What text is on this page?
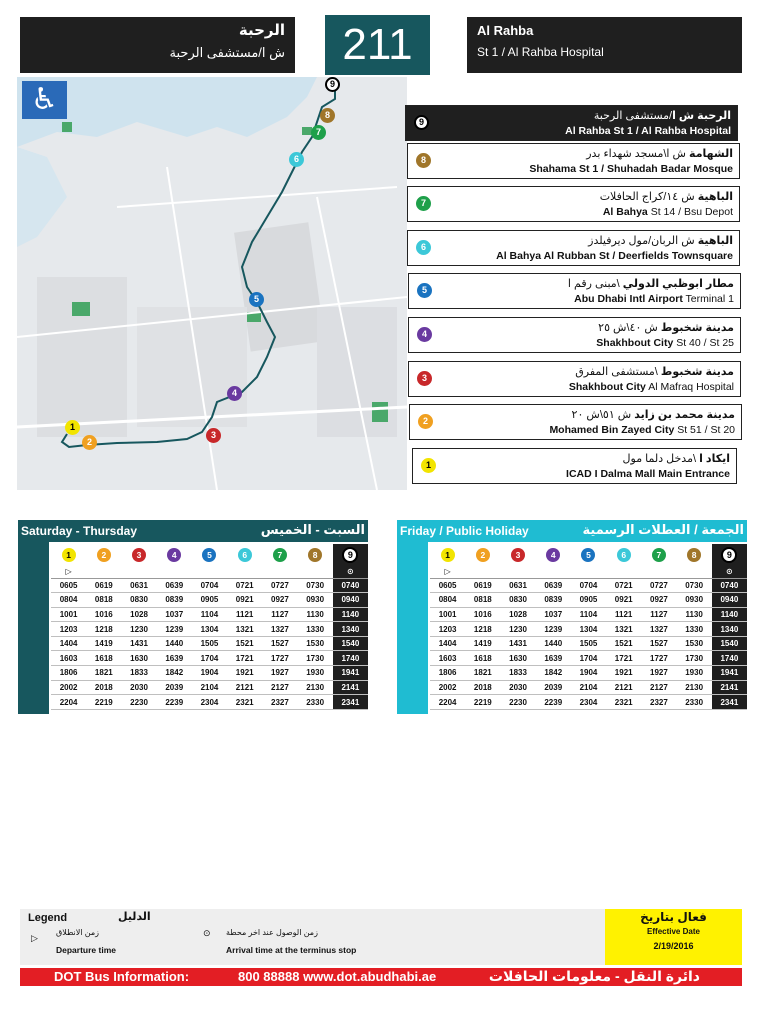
الرحبة
ش ا/مستشفى الرحبة	211	Al Rahba
St 1 / Al Rahba Hospital
♿	9
8
7
6
5
4
3
2
1
9	الرحبة ش ا/مستشفى الرحبة
Al Rahba St 1 / Al Rahba Hospital
8	الشهامة ش ا\مسجد شهداء بدر
Shahama St 1 / Shuhadah Badar Mosque
7	الباهية ش ١٤/كراج الحافلات
Al Bahya St 14 / Bsu Depot
6	الباهية ش الربان/مول ديرفيلدز
Al Bahya Al Rubban St / Deerfields Townsquare
5	مطار ابوظبي الدولي \مبنى رقم ا
Abu Dhabi Intl Airport Terminal 1
4	مدينة شخبوط ش ٤٠\ش ٢٥
Shakhbout City St 40 / St 25
3	مدينة شخبوط \مستشفى المفرق
Shakhbout City Al Mafraq Hospital
2	مدينة محمد بن زايد ش ٥١\ش ٢٠
Mohamed Bin Zayed City St 51 / St 20
1	ايكاد ا \مدخل دلما مول
ICAD I Dalma Mall Main Entrance
Saturday - Thursday	السبت - الخميس
1	2	3	4	5	6	7	8	9
▷								⊙
0605	0619	0631	0639	0704	0721	0727	0730	0740
0804	0818	0830	0839	0905	0921	0927	0930	0940
1001	1016	1028	1037	1104	1121	1127	1130	1140
1203	1218	1230	1239	1304	1321	1327	1330	1340
1404	1419	1431	1440	1505	1521	1527	1530	1540
1603	1618	1630	1639	1704	1721	1727	1730	1740
1806	1821	1833	1842	1904	1921	1927	1930	1941
2002	2018	2030	2039	2104	2121	2127	2130	2141
2204	2219	2230	2239	2304	2321	2327	2330	2341
Friday / Public Holiday	الجمعة / العطلات الرسمية
1	2	3	4	5	6	7	8	9
▷								⊙
0605	0619	0631	0639	0704	0721	0727	0730	0740
0804	0818	0830	0839	0905	0921	0927	0930	0940
1001	1016	1028	1037	1104	1121	1127	1130	1140
1203	1218	1230	1239	1304	1321	1327	1330	1340
1404	1419	1431	1440	1505	1521	1527	1530	1540
1603	1618	1630	1639	1704	1721	1727	1730	1740
1806	1821	1833	1842	1904	1921	1927	1930	1941
2002	2018	2030	2039	2104	2121	2127	2130	2141
2204	2219	2230	2239	2304	2321	2327	2330	2341
Legend	الدليل
▷
زمن الانطلاق
Departure time
⊙ زمن الوصول عند اخر محطة
Arrival time at the terminus stop
فعال بتاريخ
Effective Date
2/19/2016
DOT Bus Information:	800 88888 www.dot.abudhabi.ae	دائرة النقل - معلومات الحافلات
